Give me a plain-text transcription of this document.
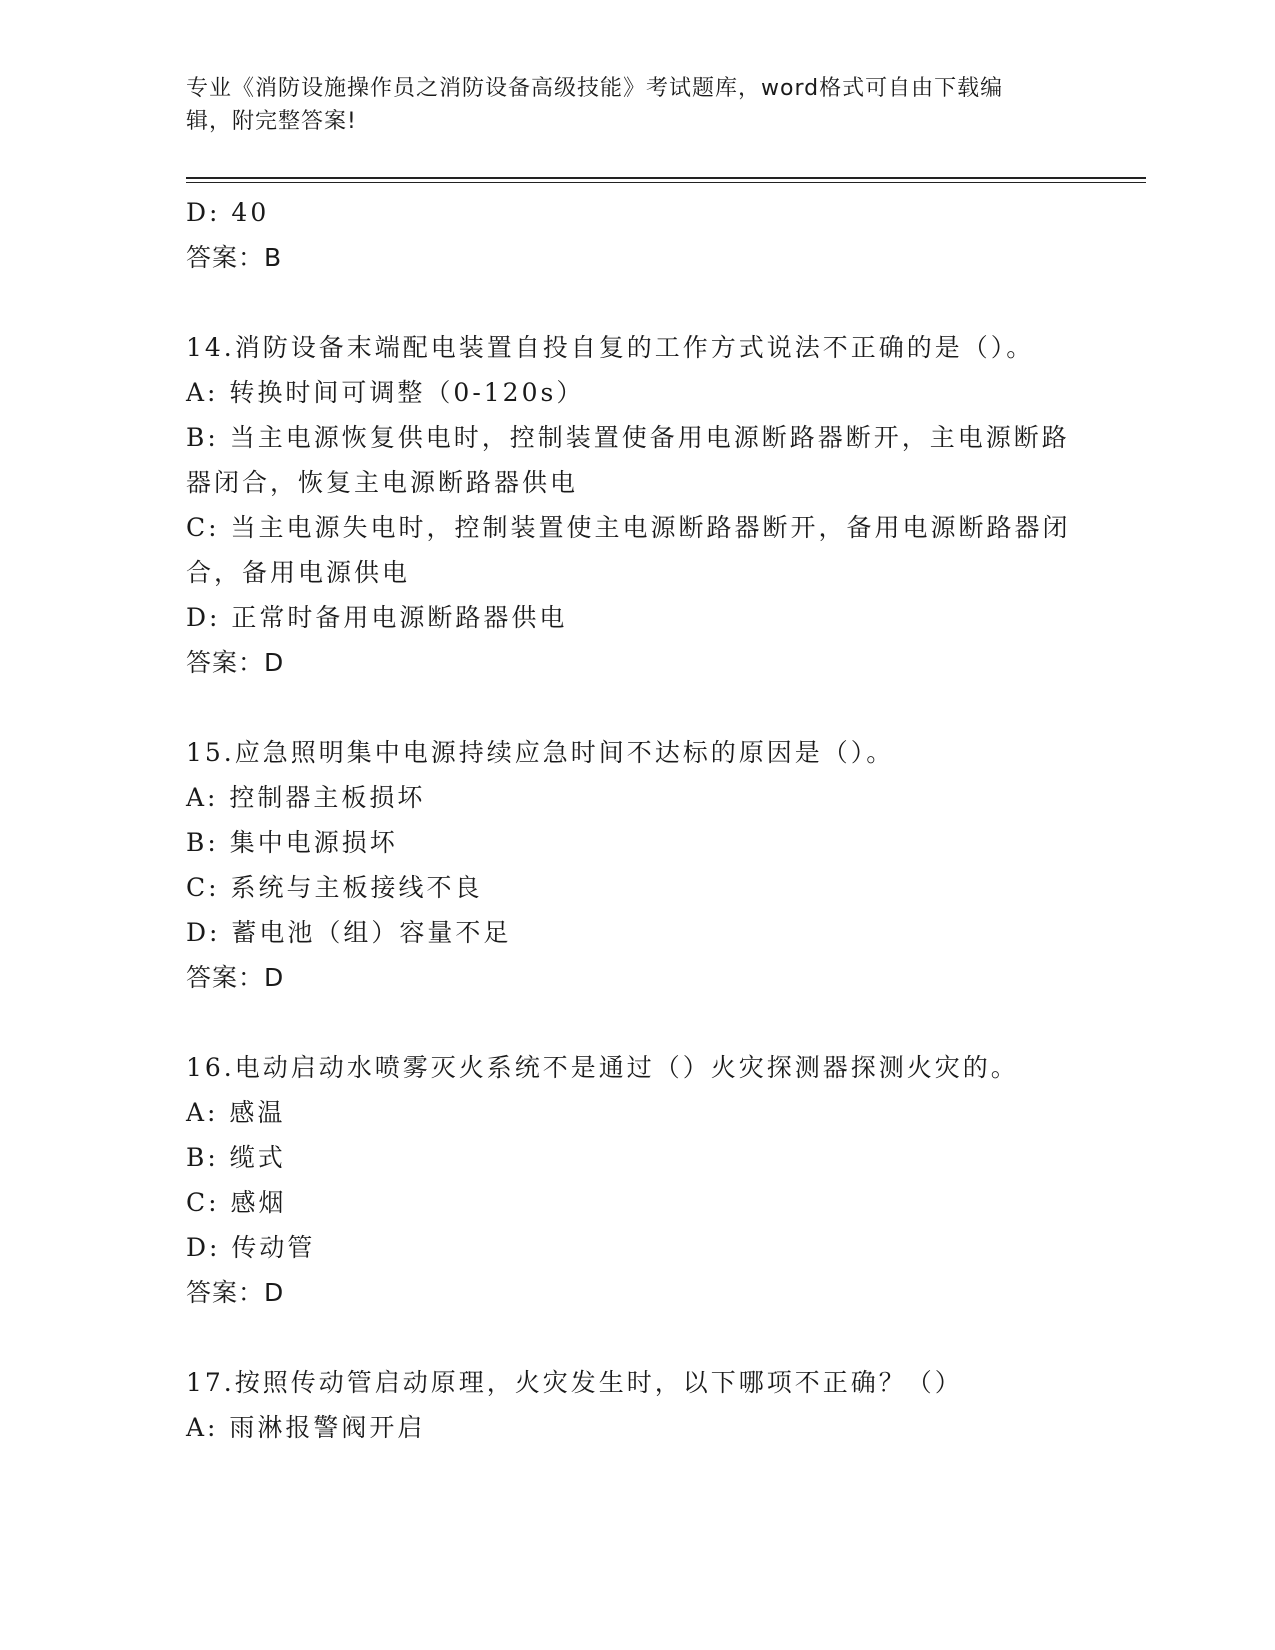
专业《消防设施操作员之消防设备高级技能》考试题库，word格式可自由下载编
辑，附完整答案!
D: 40
答案：B
14.消防设备末端配电装置自投自复的工作方式说法不正确的是（）。
A: 转换时间可调整（0-120s）
B: 当主电源恢复供电时，控制装置使备用电源断路器断开，主电源断路器闭合，恢复主电源断路器供电
C: 当主电源失电时，控制装置使主电源断路器断开，备用电源断路器闭合，备用电源供电
D: 正常时备用电源断路器供电
答案：D
15.应急照明集中电源持续应急时间不达标的原因是（）。
A: 控制器主板损坏
B: 集中电源损坏
C: 系统与主板接线不良
D: 蓄电池（组）容量不足
答案：D
16.电动启动水喷雾灭火系统不是通过（）火灾探测器探测火灾的。
A: 感温
B: 缆式
C: 感烟
D: 传动管
答案：D
17.按照传动管启动原理，火灾发生时，以下哪项不正确？（）
A: 雨淋报警阀开启
